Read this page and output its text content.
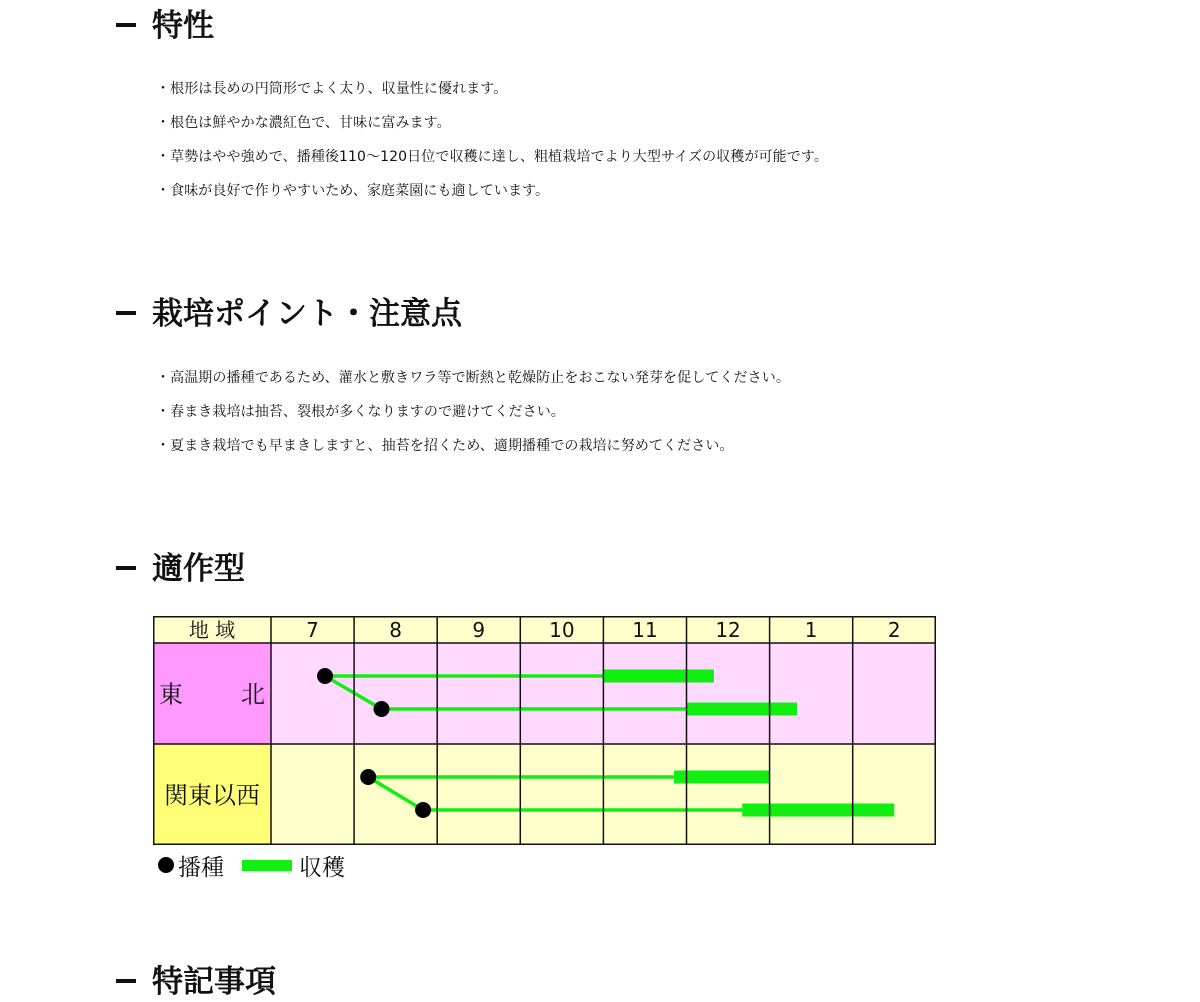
特性
・ 根形は長めの円筒形でよく太り、収量性に優れます。
・ 根色は鮮やかな濃紅色で、甘味に富みます。
・ 草勢はやや強めで、播種後110〜120日位で収穫に達し、粗植栽培でより大型サイズの収穫が可能です。
・ 食味が良好で作りやすいため、家庭菜園にも適しています。
栽培ポイント・注意点
・ 高温期の播種であるため、灌水と敷きワラ等で断熱と乾燥防止をおこない発芽を促してください。
・ 春まき栽培は抽苔、裂根が多くなりますので避けてください。
・ 夏まき栽培でも早まきしますと、抽苔を招くため、適期播種での栽培に努めてください。
適作型
地 域	7	8	9	10	11	12	1	2
東 北
関東以西
播種	収穫
特記事項
